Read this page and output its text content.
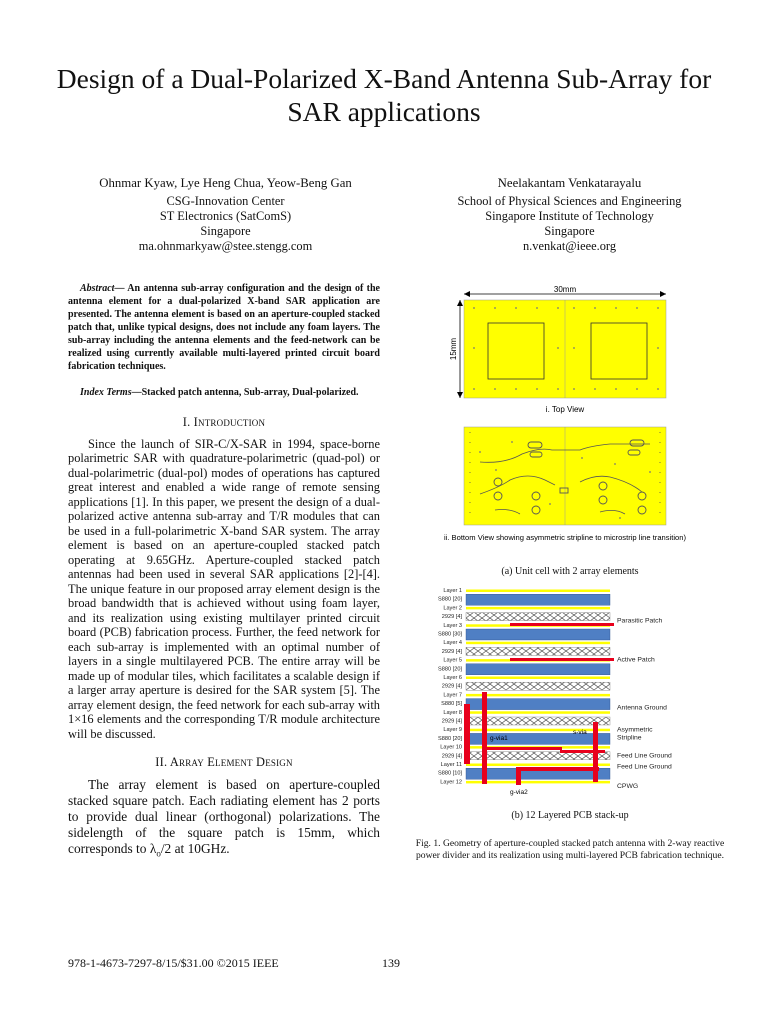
Design of a Dual-Polarized X-Band Antenna Sub-Array for SAR applications
Ohnmar Kyaw, Lye Heng Chua, Yeow-Beng Gan
CSG-Innovation Center
ST Electronics (SatComS)
Singapore
ma.ohnmarkyaw@stee.stengg.com
Neelakantam Venkatarayalu
School of Physical Sciences and Engineering
Singapore Institute of Technology
Singapore
n.venkat@ieee.org
Abstract— An antenna sub-array configuration and the design of the antenna element for a dual-polarized X-band SAR application are presented. The antenna element is based on an aperture-coupled stacked patch that, unlike typical designs, does not include any foam layers. The sub-array including the antenna elements and the feed-network can be realized using currently available multi-layered printed circuit board fabrication techniques.
Index Terms—Stacked patch antenna, Sub-array, Dual-polarized.
I. Introduction

Since the launch of SIR-C/X-SAR in 1994, space-borne polarimetric SAR with quadrature-polarimetric (quad-pol) or dual-polarimetric (dual-pol) modes of operations has captured great interest and enabled a wide range of remote sensing applications [1]. In this paper, we present the design of a dual-polarized active antenna sub-array and T/R modules that can be used in a full-polarimetric X-band SAR system. The array element is based on an aperture-coupled stacked patch operating at 9.65GHz. Aperture-coupled stacked patch antennas had been used in several SAR applications [2]-[4]. The unique feature in our proposed array element design is the broad bandwidth that is achieved without using foam layer, and its realization using existing multilayer printed circuit board (PCB) fabrication process. Further, the feed network for each sub-array is implemented with an optimal number of layers in a single multilayered PCB. The entire array will be made up of modular tiles, which facilitates a scalable design if a larger array aperture is desired for the SAR system [5]. The array element design, the feed network for each sub-array with 1×16 elements and the corresponding T/R module architecture will be discussed.

II. Array Element Design

The array element is based on aperture-coupled stacked square patch. Each radiating element has 2 ports to provide dual linear (orthogonal) polarizations. The sidelength of the square patch is 15mm, which corresponds to $\lambda_o/2$ at 10GHz.

978-1-4673-7297-8/15/$31.00 ©2015 IEEE	139
30mm
15mm
i. Top View
ii. Bottom View showing asymmetric stripline to microstrip line transition)
(a) Unit cell with 2 array elements
Layer 1
S880 [20]
Layer 2
2929 [4]
Layer 3
S880 [30]
Layer 4
2929 [4]
Layer 5
S880 [20]
Layer 6
2929 [4]
Layer 7
S880 [5]
Layer 8
2929 [4]
Layer 9
S880 [20]
Layer 10
2929 [4]
Layer 11
S880 [10]
Layer 12
g-via1
s-via
g-via2
Parasitic Patch
Active Patch
Antenna Ground
Asymmetric Stripline
Feed Line Ground
Feed Line Ground
CPWG
(b) 12 Layered PCB stack-up
Fig. 1. Geometry of aperture-coupled stacked patch antenna with 2-way reactive power divider and its realization using multi-layered PCB fabrication technique.
